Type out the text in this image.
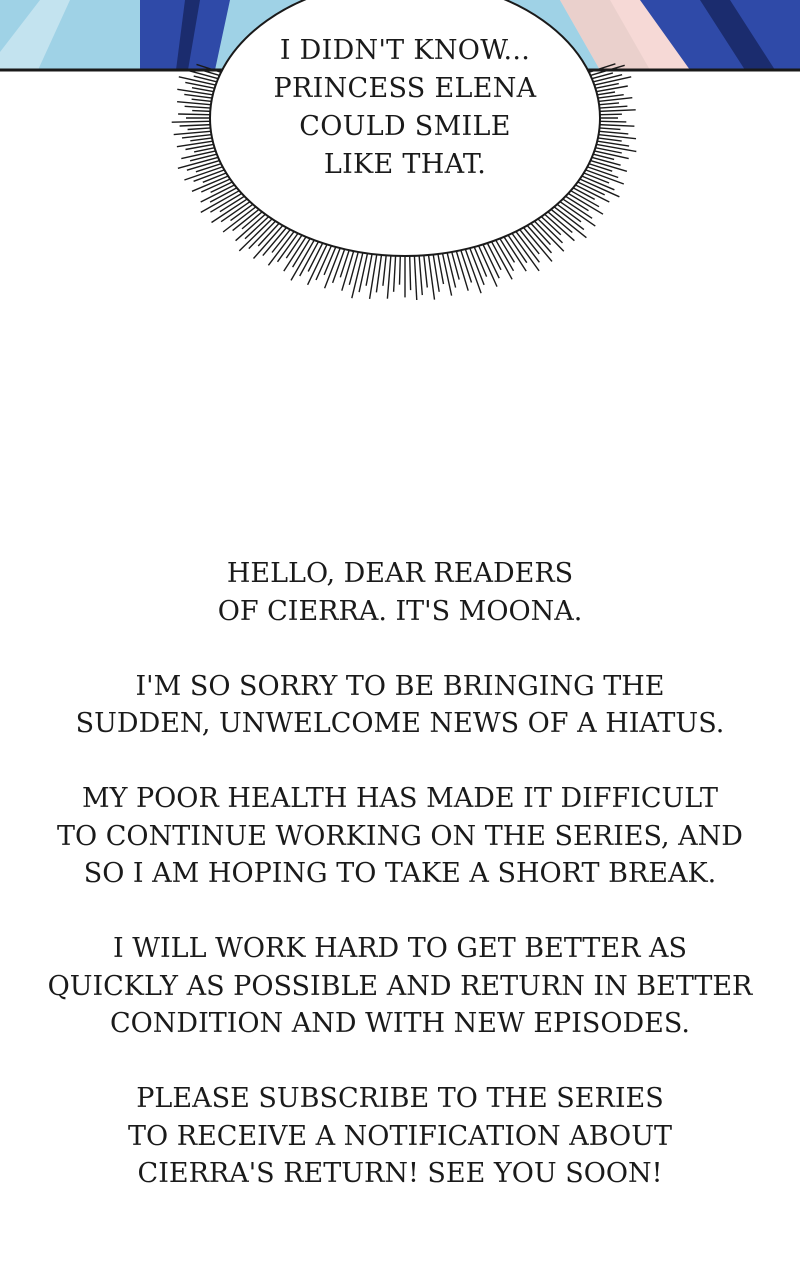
I DIDN'T KNOW...
PRINCESS ELENA
COULD SMILE
LIKE THAT.

HELLO, DEAR READERS
OF CIERRA. IT'S MOONA.

I'M SO SORRY TO BE BRINGING THE
SUDDEN, UNWELCOME NEWS OF A HIATUS.

MY POOR HEALTH HAS MADE IT DIFFICULT
TO CONTINUE WORKING ON THE SERIES, AND
SO I AM HOPING TO TAKE A SHORT BREAK.

I WILL WORK HARD TO GET BETTER AS
QUICKLY AS POSSIBLE AND RETURN IN BETTER
CONDITION AND WITH NEW EPISODES.

PLEASE SUBSCRIBE TO THE SERIES
TO RECEIVE A NOTIFICATION ABOUT
CIERRA'S RETURN! SEE YOU SOON!
